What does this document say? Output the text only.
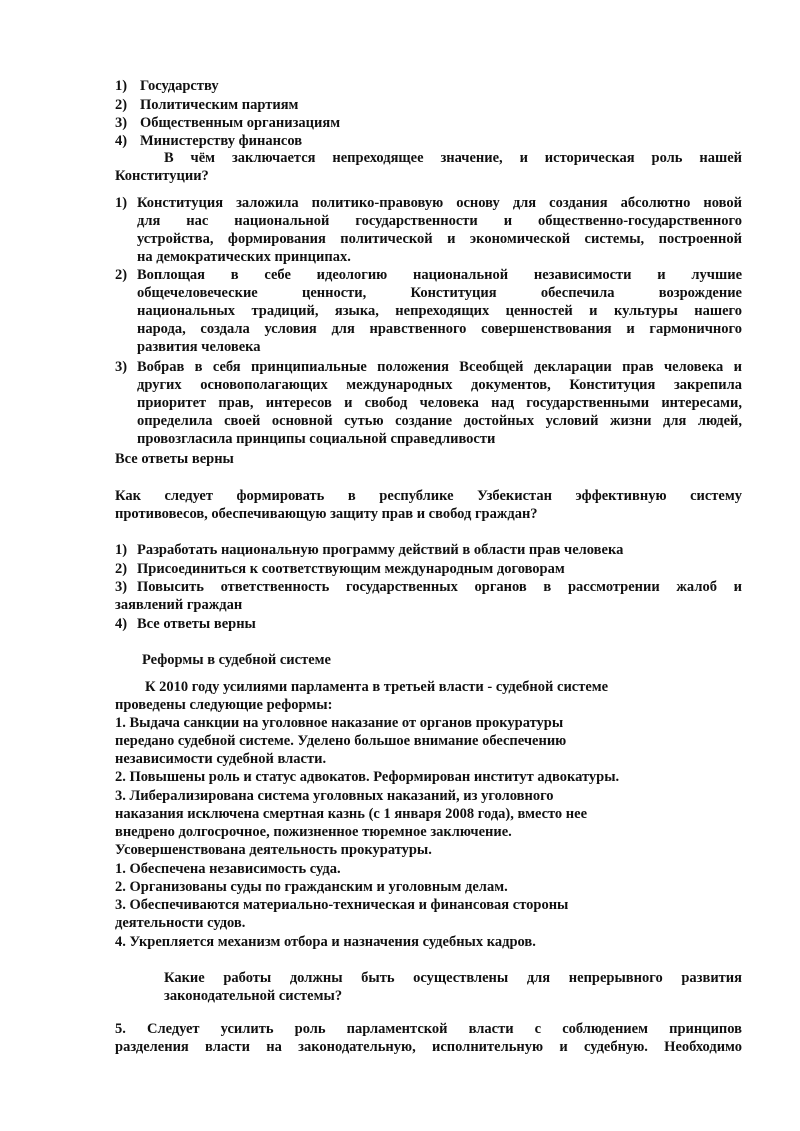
1) Государству
2) Политическим партиям
3) Общественным организациям
4) Министерству финансов
В чём заключается непреходящее значение, и историческая роль нашей
Конституции?
1) Конституция заложила политико-правовую основу для создания абсолютно новой
для нас национальной государственности и общественно-государственного
устройства, формирования политической и экономической системы, построенной
на демократических принципах.
2) Воплощая в себе идеологию национальной независимости и лучшие
общечеловеческие ценности, Конституция обеспечила возрождение
национальных традиций, языка, непреходящих ценностей и культуры нашего
народа, создала условия для нравственного совершенствования и гармоничного
развития человека
3) Вобрав в себя принципиальные положения Всеобщей декларации прав человека и
других основополагающих международных документов, Конституция закрепила
приоритет прав, интересов и свобод человека над государственными интересами,
определила своей основной сутью создание достойных условий жизни для людей,
провозгласила принципы социальной справедливости
Все ответы верны
Как следует формировать в республике Узбекистан эффективную системy
противовесов, обеспечивающую защиту прав и свобод граждан?
1) Разработать национальную программу действий в области прав человека
2) Присоединиться к соответствующим международным договорам
3) Повысить ответственность государственных органов в рассмотрении жалоб и
заявлений граждан
4) Все ответы верны
Реформы в судебной системе
К 2010 году усилиями парламента в третьей власти - судебной системе
проведены следующие реформы:
1. Выдача санкции на уголовное наказание от органов прокуратуры
передано судебной системе. Уделено большое внимание обеспечению
независимости судебной власти.
2. Повышены роль и статус адвокатов. Реформирован институт адвокатуры.
3. Либерализирована система уголовных наказаний, из уголовного
наказания исключена смертная казнь (с 1 января 2008 года), вместо нее
внедрено долгосрочное, пожизненное тюремное заключение.
Усовершенствована деятельность прокуратуры.
1. Обеспечена независимость суда.
2. Организованы суды по гражданским и уголовным делам.
3. Обеспечиваются материально-техническая и финансовая стороны
деятельности судов.
4. Укрепляется механизм отбора и назначения судебных кадров.
Какие работы должны быть осуществлены для непрерывного развития
законодательной системы?
5. Следует усилить роль парламентской власти с соблюдением принципов
разделения власти на законодательную, исполнительную и судебную. Необходимо
